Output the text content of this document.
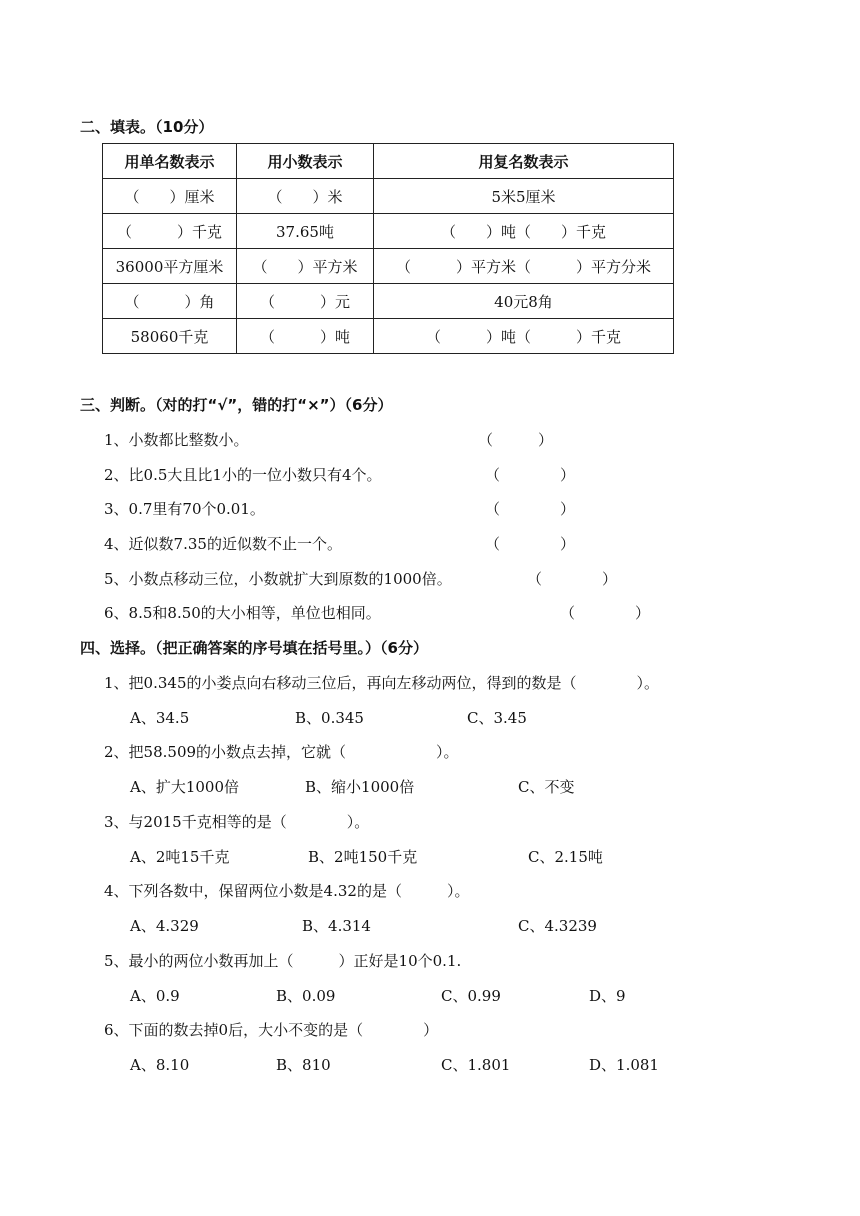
二、填表。（10分）
用单名数表示	用小数表示	用复名数表示
（　　）厘米	（　　）米	5米5厘米
（　　　）千克	37.65吨	（　　）吨（　　）千克
36000平方厘米	（　　）平方米	（　　　）平方米（　　　）平方分米
（　　　）角	（　　　）元	40元8角
58060千克	（　　　）吨	（　　　）吨（　　　）千克
三、判断。（对的打“√”，错的打“×”）（6分）
1、小数都比整数小。	（　　　）
2、比0.5大且比1小的一位小数只有4个。	（　　　　）
3、0.7里有70个0.01。	（　　　　）
4、近似数7.35的近似数不止一个。	（　　　　）
5、小数点移动三位，小数就扩大到原数的1000倍。	（　　　　）
6、8.5和8.50的大小相等，单位也相同。	（　　　　）
四、选择。（把正确答案的序号填在括号里。）（6分）
1、把0.345的小娄点向右移动三位后，再向左移动两位，得到的数是（　　　　）。
A、34.5	B、0.345	C、3.45
2、把58.509的小数点去掉，它就（　　　　　　）。
A、扩大1000倍	B、缩小1000倍	C、不变
3、与2015千克相等的是（　　　　）。
A、2吨15千克	B、2吨150千克	C、2.15吨
4、下列各数中，保留两位小数是4.32的是（　　　）。
A、4.329	B、4.314	C、4.3239
5、最小的两位小数再加上（　　　）正好是10个0.1.
A、0.9	B、0.09	C、0.99	D、9
6、下面的数去掉0后，大小不变的是（　　　　）
A、8.10	B、810	C、1.801	D、1.081
